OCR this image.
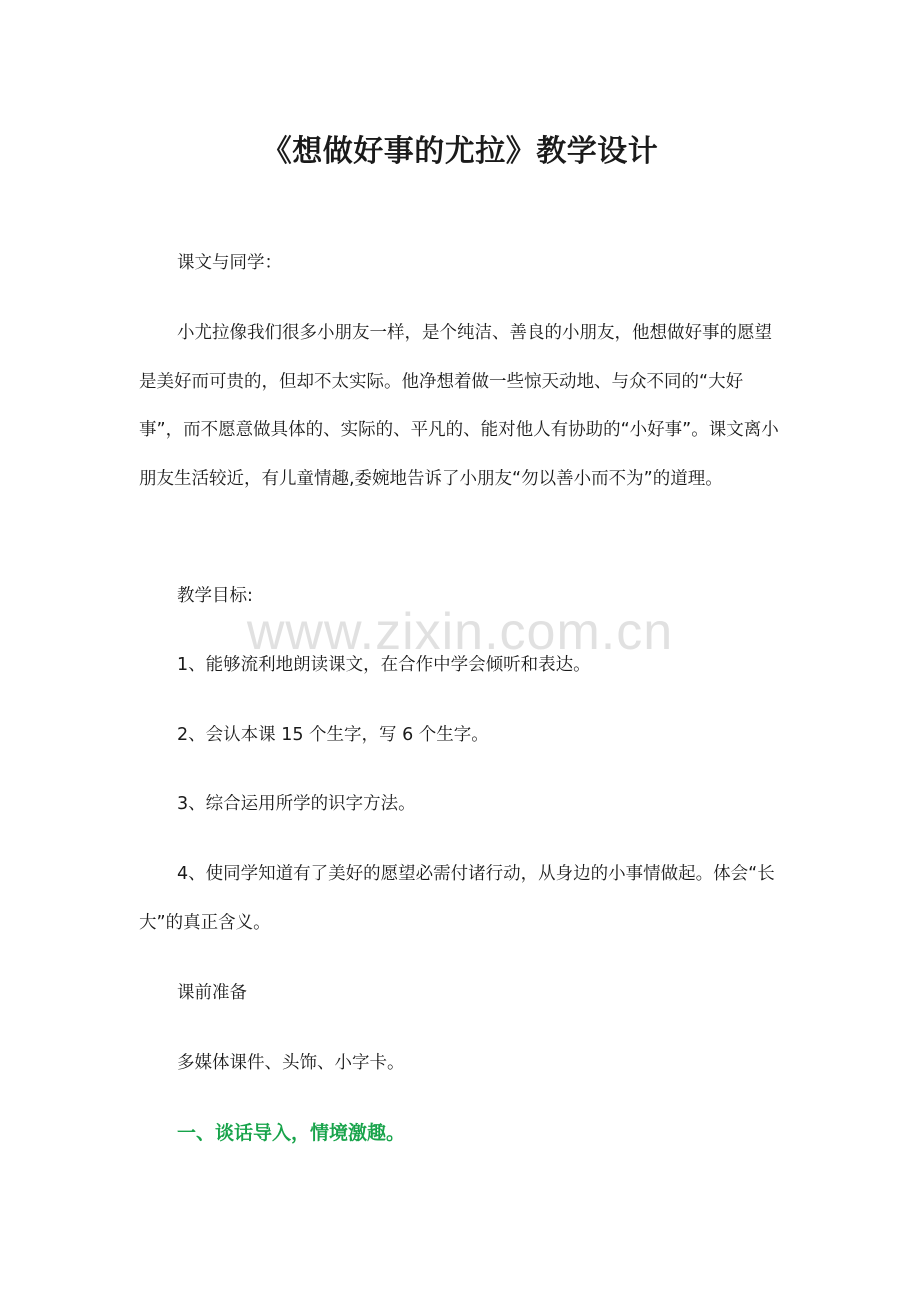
《想做好事的尤拉》教学设计

课文与同学：

小尤拉像我们很多小朋友一样，是个纯洁、善良的小朋友，他想做好事的愿望是美好而可贵的，但却不太实际。他净想着做一些惊天动地、与众不同的“大好事”，而不愿意做具体的、实际的、平凡的、能对他人有协助的“小好事”。课文离小朋友生活较近，有儿童情趣,委婉地告诉了小朋友“勿以善小而不为”的道理。

教学目标:

1、能够流利地朗读课文，在合作中学会倾听和表达。

2、会认本课 15 个生字，写 6 个生字。

3、综合运用所学的识字方法。

4、使同学知道有了美好的愿望必需付诸行动，从身边的小事情做起。体会“长大”的真正含义。

课前准备

多媒体课件、头饰、小字卡。

一、谈话导入，情境激趣。

www.zixin.com.cn
